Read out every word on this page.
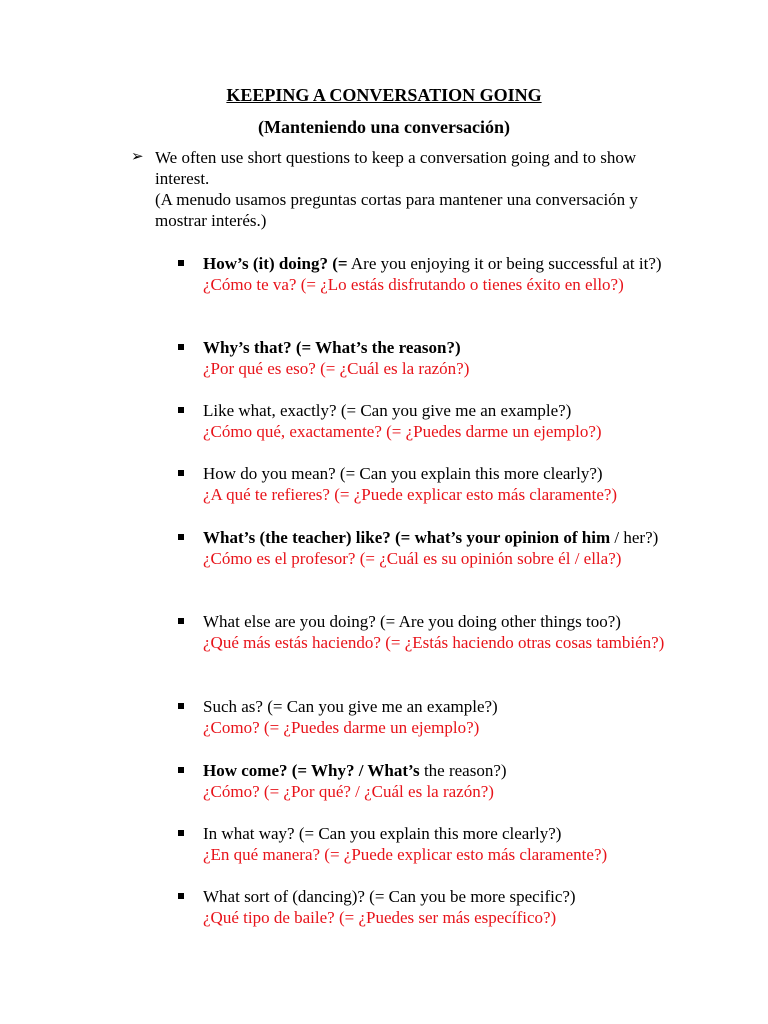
KEEPING A CONVERSATION GOING
(Manteniendo una conversación)
➢ We often use short questions to keep a conversation going and to show interest.

(A menudo usamos preguntas cortas para mantener una conversación y mostrar interés.)

How’s (it) doing? (= Are you enjoying it or being successful at it?)

¿Cómo te va? (= ¿Lo estás disfrutando o tienes éxito en ello?)

Why’s that? (= What’s the reason?)

¿Por qué es eso? (= ¿Cuál es la razón?)

Like what, exactly? (= Can you give me an example?)

¿Cómo qué, exactamente? (= ¿Puedes darme un ejemplo?)

How do you mean? (= Can you explain this more clearly?)

¿A qué te refieres? (= ¿Puede explicar esto más claramente?)

What’s (the teacher) like? (= what’s your opinion of him / her?)

¿Cómo es el profesor? (= ¿Cuál es su opinión sobre él / ella?)

What else are you doing? (= Are you doing other things too?)

¿Qué más estás haciendo? (= ¿Estás haciendo otras cosas también?)

Such as? (= Can you give me an example?)

¿Como? (= ¿Puedes darme un ejemplo?)

How come? (= Why? / What’s the reason?)

¿Cómo? (= ¿Por qué? / ¿Cuál es la razón?)

In what way? (= Can you explain this more clearly?)

¿En qué manera? (= ¿Puede explicar esto más claramente?)

What sort of (dancing)? (= Can you be more specific?)

¿Qué tipo de baile? (= ¿Puedes ser más específico?)
